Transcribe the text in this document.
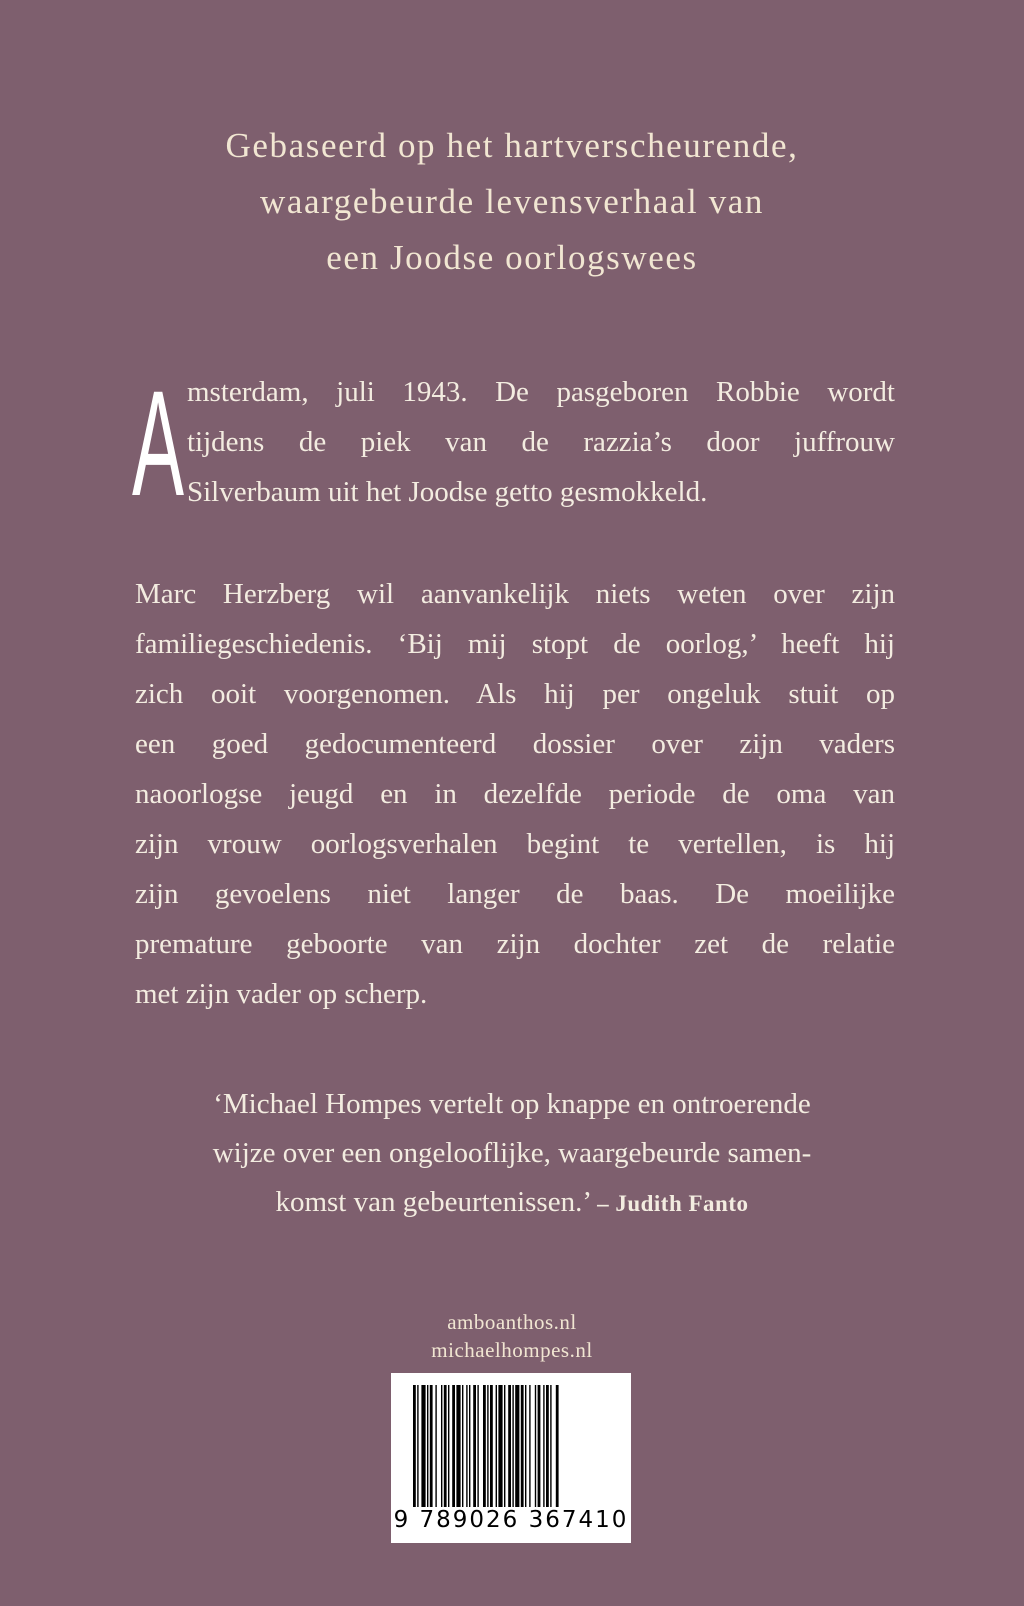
Gebaseerd op het hartverscheurende,
waargebeurde levensverhaal van
een Joodse oorlogswees
A msterdam, juli 1943. De pasgeboren Robbie wordt
tijdens de piek van de razzia’s door juffrouw
Silverbaum uit het Joodse getto gesmokkeld.
Marc Herzberg wil aanvankelijk niets weten over zijn
familiegeschiedenis. ‘Bij mij stopt de oorlog,’ heeft hij
zich ooit voorgenomen. Als hij per ongeluk stuit op
een goed gedocumenteerd dossier over zijn vaders
naoorlogse jeugd en in dezelfde periode de oma van
zijn vrouw oorlogsverhalen begint te vertellen, is hij
zijn gevoelens niet langer de baas. De moeilijke
premature geboorte van zijn dochter zet de relatie
met zijn vader op scherp.
‘Michael Hompes vertelt op knappe en ontroerende
wijze over een ongelooflijke, waargebeurde samen-
komst van gebeurtenissen.’ – Judith Fanto
amboanthos.nl
michaelhompes.nl
9 789026 367410
